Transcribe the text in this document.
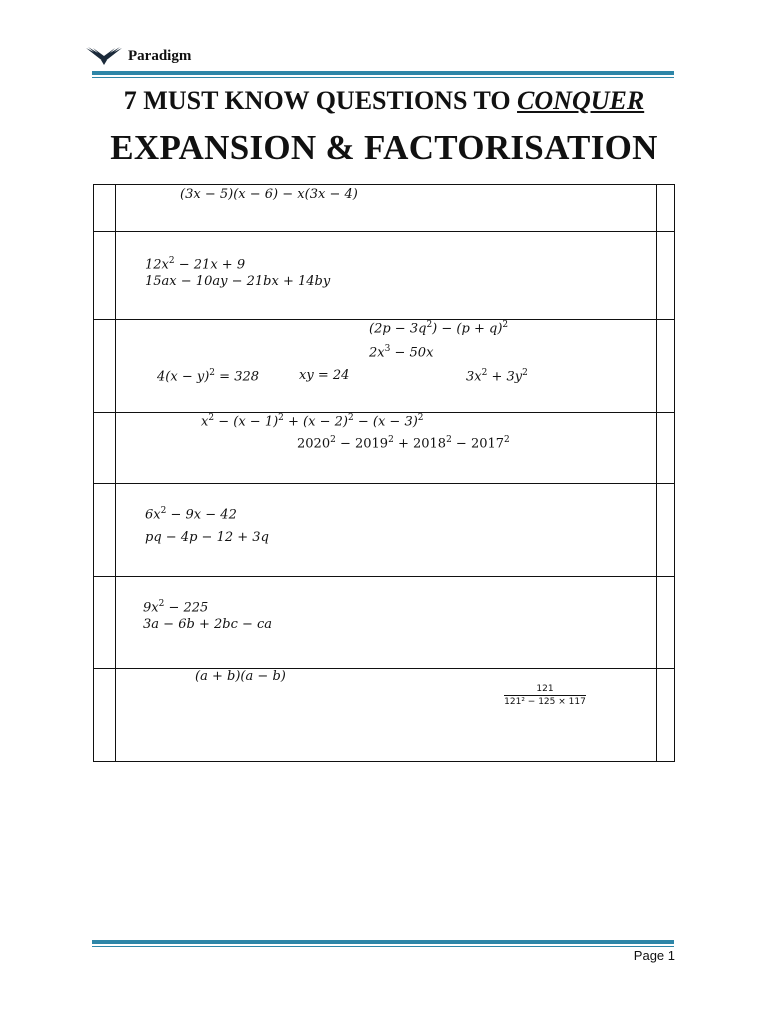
Paradigm
7 MUST KNOW QUESTIONS TO CONQUER
EXPANSION & FACTORISATION
(3x − 5)(x − 6) − x(3x − 4)
$12x^2 - 21x + 9$
15ax − 10ay − 21bx + 14by
$(2p - 3q^2) - (p + q)^2$
$2x^3 - 50x$
$4(x - y)^2 = 328$	xy = 24	$3x^2 + 3y^2$
$x^2 - (x - 1)^2 + (x - 2)^2 - (x - 3)^2$
$2020^2 - 2019^2 + 2018^2 - 2017^2$
$6x^2 - 9x - 42$
pq − 4p − 12 + 3q
$9x^2 - 225$
3a − 6b + 2bc − ca
(a + b)(a − b)
$\frac{121}{\text{121² − 125 × 117}}$
Page 1
